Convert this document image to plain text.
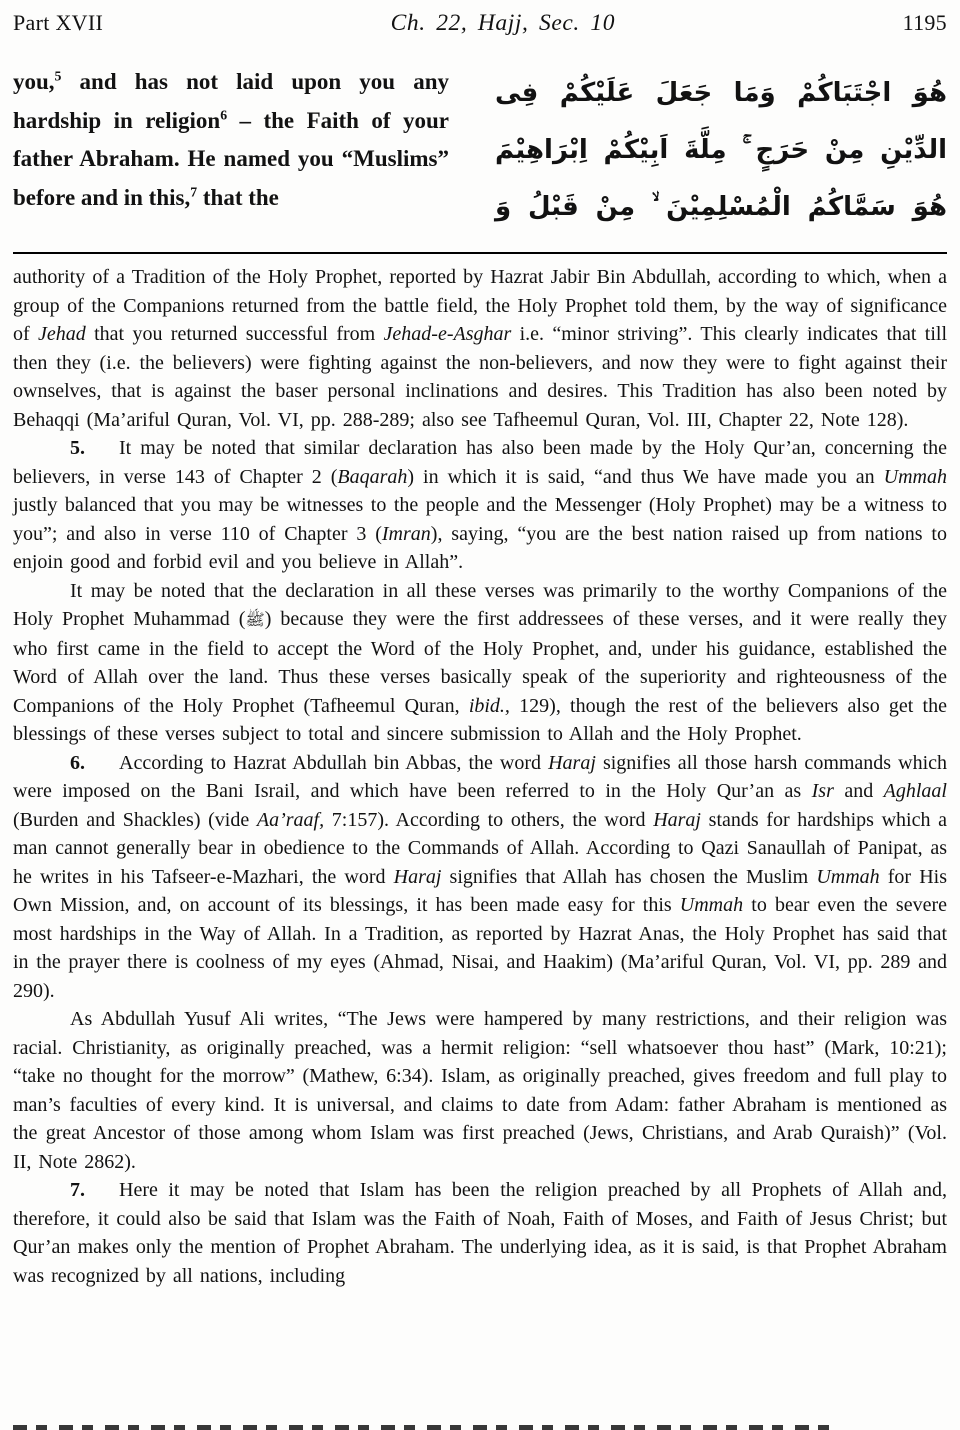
Part XVII	Ch. 22, Hajj, Sec. 10	1195
you,$^5$ and has not laid upon you any hardship in religion$^6$ – the Faith of your father Abraham. He named you “Muslims” before and in this,$^7$ that the
هُوَ اجْتَبَاكُمْ وَمَا جَعَلَ عَلَيْكُمْ فِى
الدِّيْنِ مِنْ حَرَجٍ ۚ مِلَّةَ اَبِيْكُمْ اِبْرَاهِيْمَ
هُوَ سَمَّاكُمُ الْمُسْلِمِيْنَ ۙ مِنْ قَبْلُ وَ

authority of a Tradition of the Holy Prophet, reported by Hazrat Jabir Bin Abdullah, according to which, when a group of the Companions returned from the battle field, the Holy Prophet told them, by the way of significance of Jehad that you returned successful from Jehad-e-Asghar i.e. “minor striving”. This clearly indicates that till then they (i.e. the believers) were fighting against the non-believers, and now they were to fight against their ownselves, that is against the baser personal inclinations and desires. This Tradition has also been noted by Behaqqi (Ma’ariful Quran, Vol. VI, pp. 288-289; also see Tafheemul Quran, Vol. III, Chapter 22, Note 128).

5. It may be noted that similar declaration has also been made by the Holy Qur’an, concerning the believers, in verse 143 of Chapter 2 (Baqarah) in which it is said, “and thus We have made you an Ummah justly balanced that you may be witnesses to the people and the Messenger (Holy Prophet) may be a witness to you”; and also in verse 110 of Chapter 3 (Imran), saying, “you are the best nation raised up from nations to enjoin good and forbid evil and you believe in Allah”.

It may be noted that the declaration in all these verses was primarily to the worthy Companions of the Holy Prophet Muhammad (ﷺ) because they were the first addressees of these verses, and it were really they who first came in the field to accept the Word of the Holy Prophet, and, under his guidance, established the Word of Allah over the land. Thus these verses basically speak of the superiority and righteousness of the Companions of the Holy Prophet (Tafheemul Quran, ibid., 129), though the rest of the believers also get the blessings of these verses subject to total and sincere submission to Allah and the Holy Prophet.

6. According to Hazrat Abdullah bin Abbas, the word Haraj signifies all those harsh commands which were imposed on the Bani Israil, and which have been referred to in the Holy Qur’an as Isr and Aghlaal (Burden and Shackles) (vide Aa’raaf, 7:157). According to others, the word Haraj stands for hardships which a man cannot generally bear in obedience to the Commands of Allah. According to Qazi Sanaullah of Panipat, as he writes in his Tafseer-e-Mazhari, the word Haraj signifies that Allah has chosen the Muslim Ummah for His Own Mission, and, on account of its blessings, it has been made easy for this Ummah to bear even the severe most hardships in the Way of Allah. In a Tradition, as reported by Hazrat Anas, the Holy Prophet has said that in the prayer there is coolness of my eyes (Ahmad, Nisai, and Haakim) (Ma’ariful Quran, Vol. VI, pp. 289 and 290).

As Abdullah Yusuf Ali writes, “The Jews were hampered by many restrictions, and their religion was racial. Christianity, as originally preached, was a hermit religion: “sell whatsoever thou hast” (Mark, 10:21); “take no thought for the morrow” (Mathew, 6:34). Islam, as originally preached, gives freedom and full play to man’s faculties of every kind. It is universal, and claims to date from Adam: father Abraham is mentioned as the great Ancestor of those among whom Islam was first preached (Jews, Christians, and Arab Quraish)” (Vol. II, Note 2862).

7. Here it may be noted that Islam has been the religion preached by all Prophets of Allah and, therefore, it could also be said that Islam was the Faith of Noah, Faith of Moses, and Faith of Jesus Christ; but Qur’an makes only the mention of Prophet Abraham. The underlying idea, as it is said, is that Prophet Abraham was recognized by all nations, including
